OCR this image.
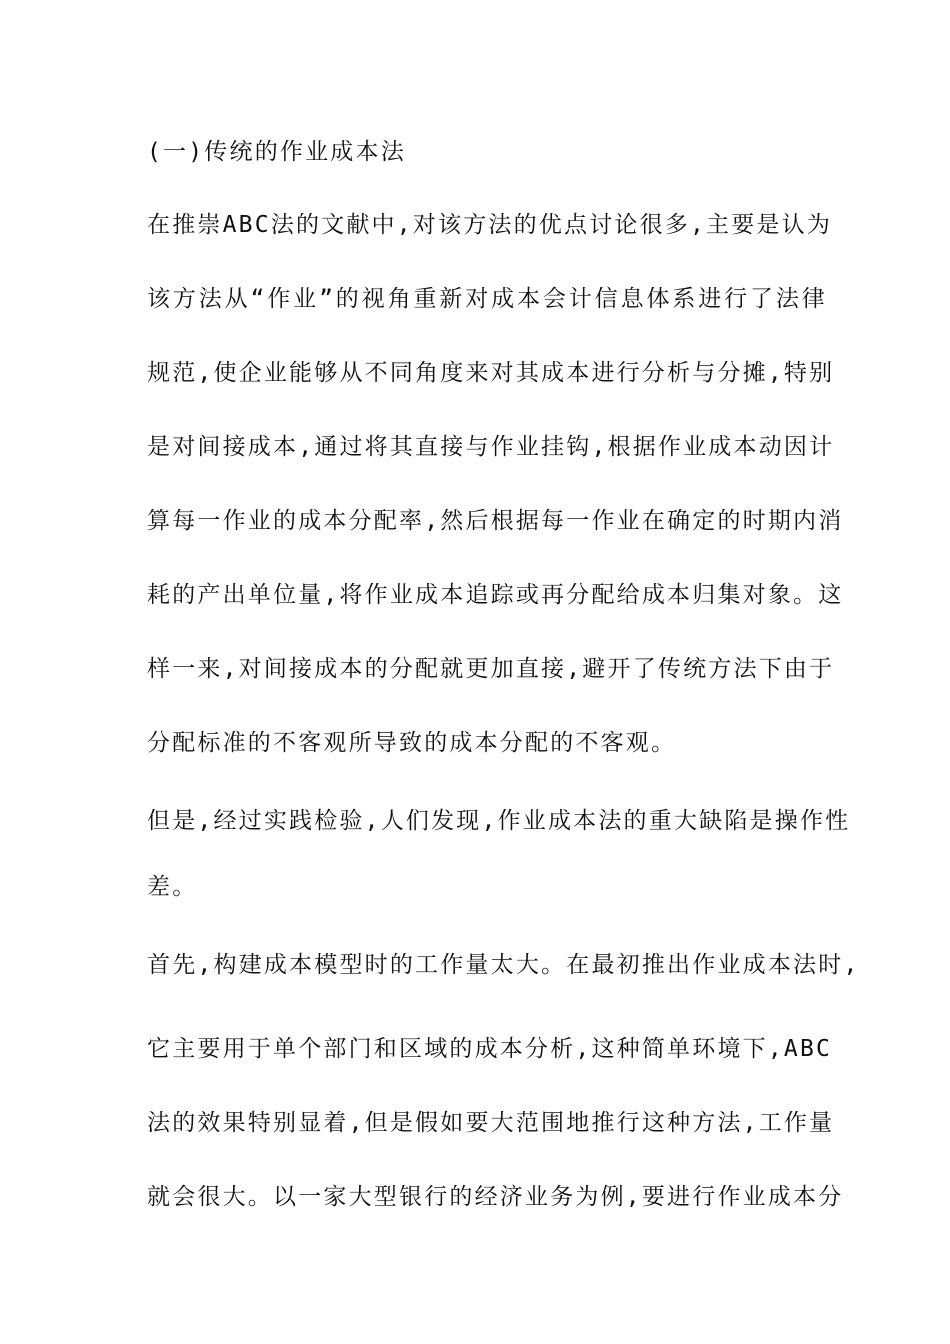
(一)传统的作业成本法
在推崇ABC法的文献中,对该方法的优点讨论很多,主要是认为
该方法从“作业”的视角重新对成本会计信息体系进行了法律
规范,使企业能够从不同角度来对其成本进行分析与分摊,特别
是对间接成本,通过将其直接与作业挂钩,根据作业成本动因计
算每一作业的成本分配率,然后根据每一作业在确定的时期内消
耗的产出单位量,将作业成本追踪或再分配给成本归集对象。这
样一来,对间接成本的分配就更加直接,避开了传统方法下由于
分配标准的不客观所导致的成本分配的不客观。
但是,经过实践检验,人们发现,作业成本法的重大缺陷是操作性
差。
首先,构建成本模型时的工作量太大。在最初推出作业成本法时,
它主要用于单个部门和区域的成本分析,这种简单环境下,ABC
法的效果特别显着,但是假如要大范围地推行这种方法,工作量
就会很大。以一家大型银行的经济业务为例,要进行作业成本分
